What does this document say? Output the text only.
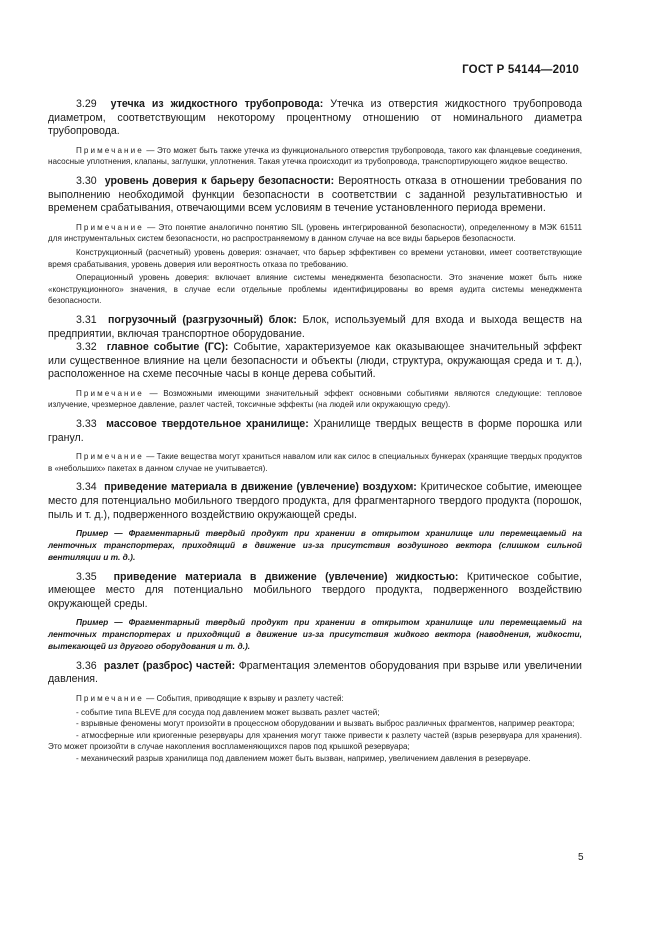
ГОСТ Р 54144—2010

3.29 утечка из жидкостного трубопровода: Утечка из отверстия жидкостного трубопровода диаметром, соответствующим некоторому процентному отношению от номинального диаметра трубопровода.

Примечание — Это может быть также утечка из функционального отверстия трубопровода, такого как фланцевые соединения, насосные уплотнения, клапаны, заглушки, уплотнения. Такая утечка происходит из трубопровода, транспортирующего жидкое вещество.

3.30 уровень доверия к барьеру безопасности: Вероятность отказа в отношении требования по выполнению необходимой функции безопасности в соответствии с заданной результативностью и временем срабатывания, отвечающими всем условиям в течение установленного периода времени.

Примечание — Это понятие аналогично понятию SIL (уровень интегрированной безопасности), определенному в МЭК 61511 для инструментальных систем безопасности, но распространяемому в данном случае на все виды барьеров безопасности.

Конструкционный (расчетный) уровень доверия: означает, что барьер эффективен со времени установки, имеет соответствующие время срабатывания, уровень доверия или вероятность отказа по требованию.

Операционный уровень доверия: включает влияние системы менеджмента безопасности. Это значение может быть ниже «конструкционного» значения, в случае если отдельные проблемы идентифицированы во время аудита системы менеджмента безопасности.

3.31 погрузочный (разгрузочный) блок: Блок, используемый для входа и выхода веществ на предприятии, включая транспортное оборудование.

3.32 главное событие (ГС): Событие, характеризуемое как оказывающее значительный эффект или существенное влияние на цели безопасности и объекты (люди, структура, окружающая среда и т. д.), расположенное на схеме песочные часы в конце дерева событий.

Примечание — Возможными имеющими значительный эффект основными событиями являются следующие: тепловое излучение, чрезмерное давление, разлет частей, токсичные эффекты (на людей или окружающую среду).

3.33 массовое твердотельное хранилище: Хранилище твердых веществ в форме порошка или гранул.

Примечание — Такие вещества могут храниться навалом или как силос в специальных бункерах (хранящие твердых продуктов в «небольших» пакетах в данном случае не учитывается).

3.34 приведение материала в движение (увлечение) воздухом: Критическое событие, имеющее место для потенциально мобильного твердого продукта, для фрагментарного твердого продукта (порошок, пыль и т. д.), подверженного воздействию окружающей среды.

Пример — Фрагментарный твердый продукт при хранении в открытом хранилище или перемещаемый на ленточных транспортерах, приходящий в движение из-за присутствия воздушного вектора (слишком сильной вентиляции и т. д.).

3.35 приведение материала в движение (увлечение) жидкостью: Критическое событие, имеющее место для потенциально мобильного твердого продукта, подверженного воздействию окружающей среды.

Пример — Фрагментарный твердый продукт при хранении в открытом хранилище или перемещаемый на ленточных транспортерах и приходящий в движение из-за присутствия жидкого вектора (наводнения, жидкости, вытекающей из другого оборудования и т. д.).

3.36 разлет (разброс) частей: Фрагментация элементов оборудования при взрыве или увеличении давления.

Примечание — События, приводящие к взрыву и разлету частей:

- событие типа BLEVE для сосуда под давлением может вызвать разлет частей;

- взрывные феномены могут произойти в процессном оборудовании и вызвать выброс различных фрагментов, например реактора;

- атмосферные или криогенные резервуары для хранения могут также привести к разлету частей (взрыв резервуара для хранения). Это может произойти в случае накопления воспламеняющихся паров под крышкой резервуара;

- механический разрыв хранилища под давлением может быть вызван, например, увеличением давления в резервуаре.

5
